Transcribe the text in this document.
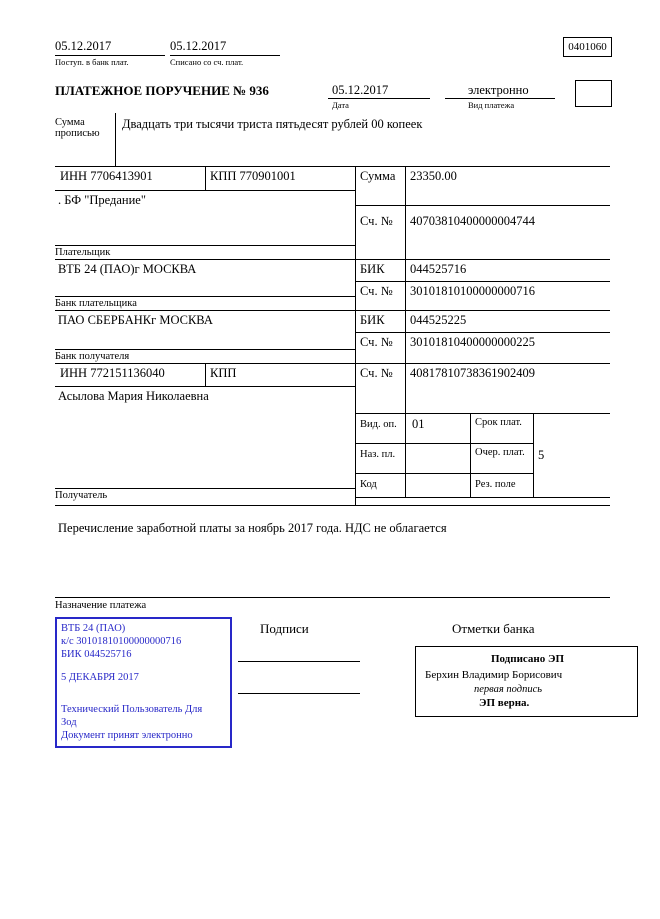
05.12.2017
Поступ. в банк плат.
05.12.2017
Списано со сч. плат.
0401060
ПЛАТЕЖНОЕ ПОРУЧЕНИЕ № 936	05.12.2017
Дата
электронно
Вид платежа
Сумма прописью
Двадцать три тысячи триста пятьдесят рублей 00 копеек
ИНН 7706413901	КПП 770901001	Сумма 23350.00
. БФ "Предание"
Сч. № 40703810400000004744
Плательщик
ВТБ 24 (ПАО)г МОСКВА	БИК 044525716
Сч. № 30101810100000000716
Банк плательщика
ПАО СБЕРБАНКг МОСКВА	БИК 044525225
Сч. № 30101810400000000225
Банк получателя
ИНН 772151136040	КПП	Сч. № 40817810738361902409
Асылова Мария Николаевна
Вид. оп. 01	Срок плат.
Наз. пл.	Очер. плат. 5
Код	Рез. поле
Получатель
Перечисление заработной платы за ноябрь 2017 года. НДС не облагается
Назначение платежа
ВТБ 24 (ПАО)
к/с 30101810100000000716
БИК 044525716
5 ДЕКАБРЯ 2017
Технический Пользователь Для
Зод
Документ принят электронно
Подписи	Отметки банка
Подписано ЭП
Берхин Владимир Борисович
первая подпись
ЭП верна.
